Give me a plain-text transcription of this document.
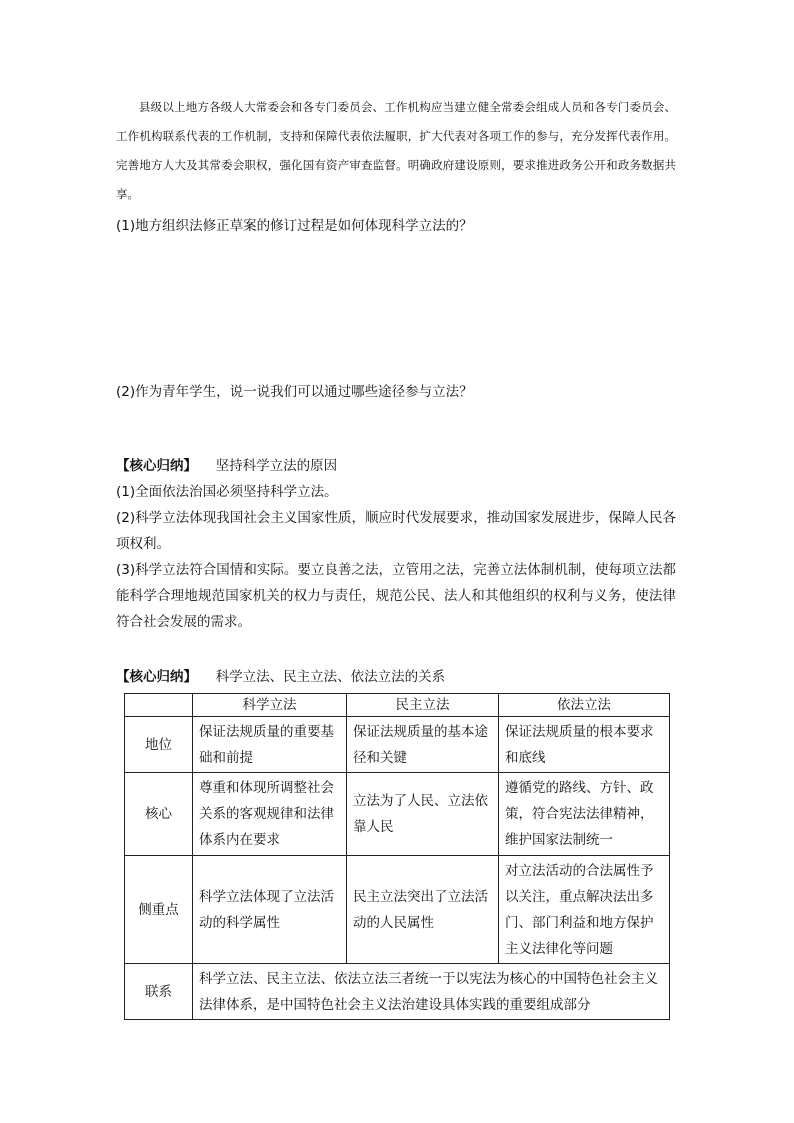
县级以上地方各级人大常委会和各专门委员会、工作机构应当建立健全常委会组成人员和各专门委员会、工作机构联系代表的工作机制，支持和保障代表依法履职，扩大代表对各项工作的参与，充分发挥代表作用。完善地方人大及其常委会职权，强化国有资产审查监督。明确政府建设原则，要求推进政务公开和政务数据共享。

(1)地方组织法修正草案的修订过程是如何体现科学立法的？
(2)作为青年学生，说一说我们可以通过哪些途径参与立法？
【核心归纳】 坚持科学立法的原因

(1)全面依法治国必须坚持科学立法。

(2)科学立法体现我国社会主义国家性质，顺应时代发展要求，推动国家发展进步，保障人民各项权利。

(3)科学立法符合国情和实际。要立良善之法，立管用之法，完善立法体制机制，使每项立法都能科学合理地规范国家机关的权力与责任，规范公民、法人和其他组织的权利与义务，使法律符合社会发展的需求。

【核心归纳】 科学立法、民主立法、依法立法的关系
	科学立法	民主立法	依法立法
地位	保证法规质量的重要基础和前提	保证法规质量的基本途径和关键	保证法规质量的根本要求和底线
核心	尊重和体现所调整社会关系的客观规律和法律体系内在要求	立法为了人民、立法依靠人民	遵循党的路线、方针、政策，符合宪法法律精神，维护国家法制统一
侧重点	科学立法体现了立法活动的科学属性	民主立法突出了立法活动的人民属性	对立法活动的合法属性予以关注，重点解决法出多门、部门利益和地方保护主义法律化等问题
联系	科学立法、民主立法、依法立法三者统一于以宪法为核心的中国特色社会主义法律体系，是中国特色社会主义法治建设具体实践的重要组成部分		
